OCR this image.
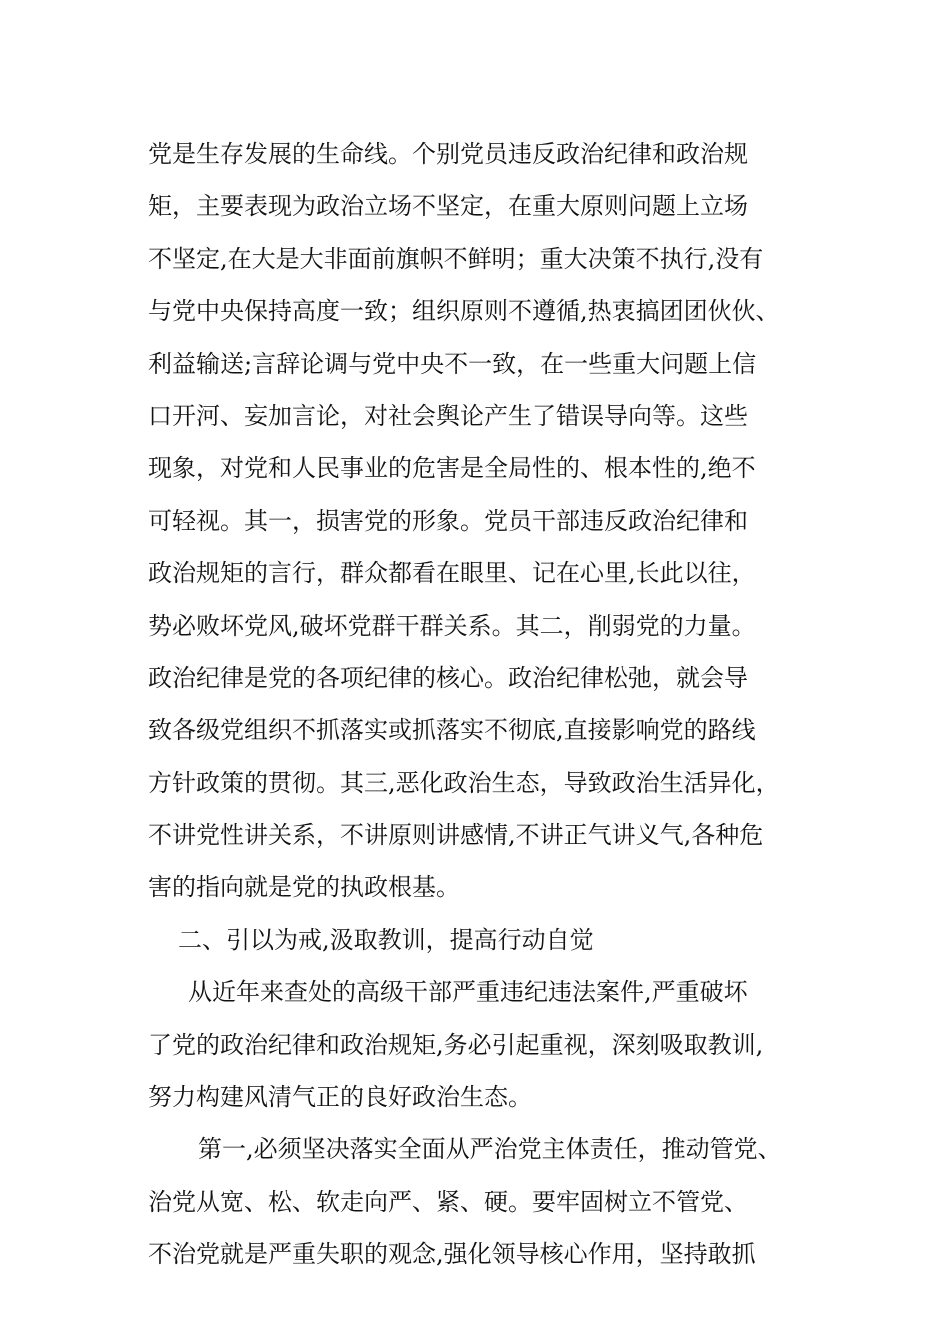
党是生存发展的生命线。个别党员违反政治纪律和政治规
矩，主要表现为政治立场不坚定，在重大原则问题上立场
不坚定,在大是大非面前旗帜不鲜明；重大决策不执行,没有
与党中央保持高度一致；组织原则不遵循,热衷搞团团伙伙、
利益输送;言辞论调与党中央不一致，在一些重大问题上信
口开河、妄加言论，对社会舆论产生了错误导向等。这些
现象，对党和人民事业的危害是全局性的、根本性的,绝不
可轻视。其一，损害党的形象。党员干部违反政治纪律和
政治规矩的言行，群众都看在眼里、记在心里,长此以往，
势必败坏党风,破坏党群干群关系。其二，削弱党的力量。
政治纪律是党的各项纪律的核心。政治纪律松弛，就会导
致各级党组织不抓落实或抓落实不彻底,直接影响党的路线
方针政策的贯彻。其三,恶化政治生态，导致政治生活异化，
不讲党性讲关系，不讲原则讲感情,不讲正气讲义气,各种危
害的指向就是党的执政根基。
二、引以为戒,汲取教训，提高行动自觉
从近年来查处的高级干部严重违纪违法案件,严重破坏
了党的政治纪律和政治规矩,务必引起重视，深刻吸取教训,
努力构建风清气正的良好政治生态。
第一,必须坚决落实全面从严治党主体责任，推动管党、
治党从宽、松、软走向严、紧、硬。要牢固树立不管党、
不治党就是严重失职的观念,强化领导核心作用，坚持敢抓
